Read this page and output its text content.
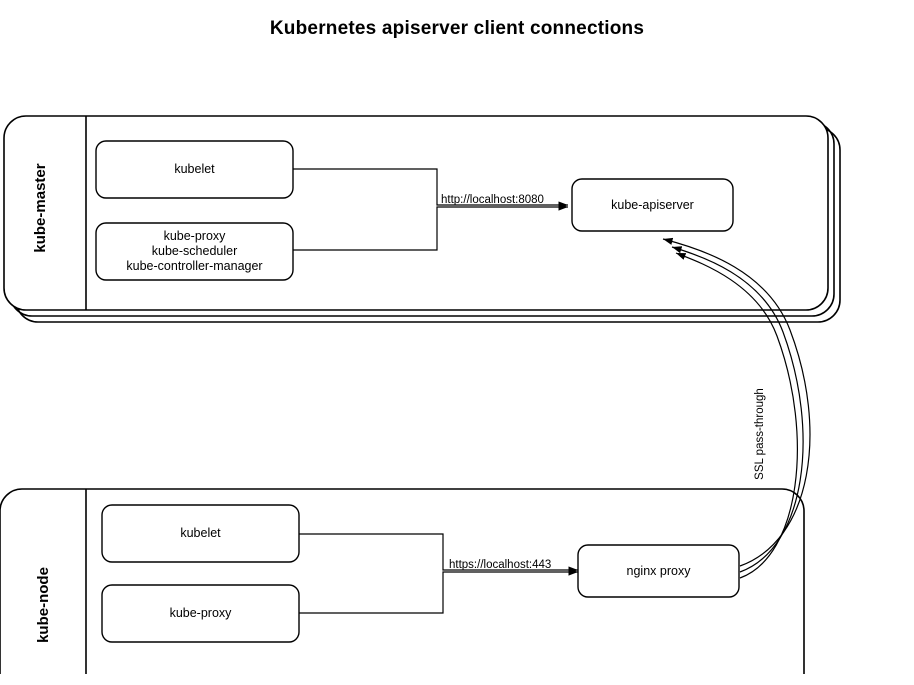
Kubernetes apiserver client connections
kube-master
kube-node
kubelet
kube-proxy
kube-scheduler
kube-controller-manager
kube-apiserver
kubelet
kube-proxy
nginx proxy
http://localhost:8080
https://localhost:443
SSL pass-through
